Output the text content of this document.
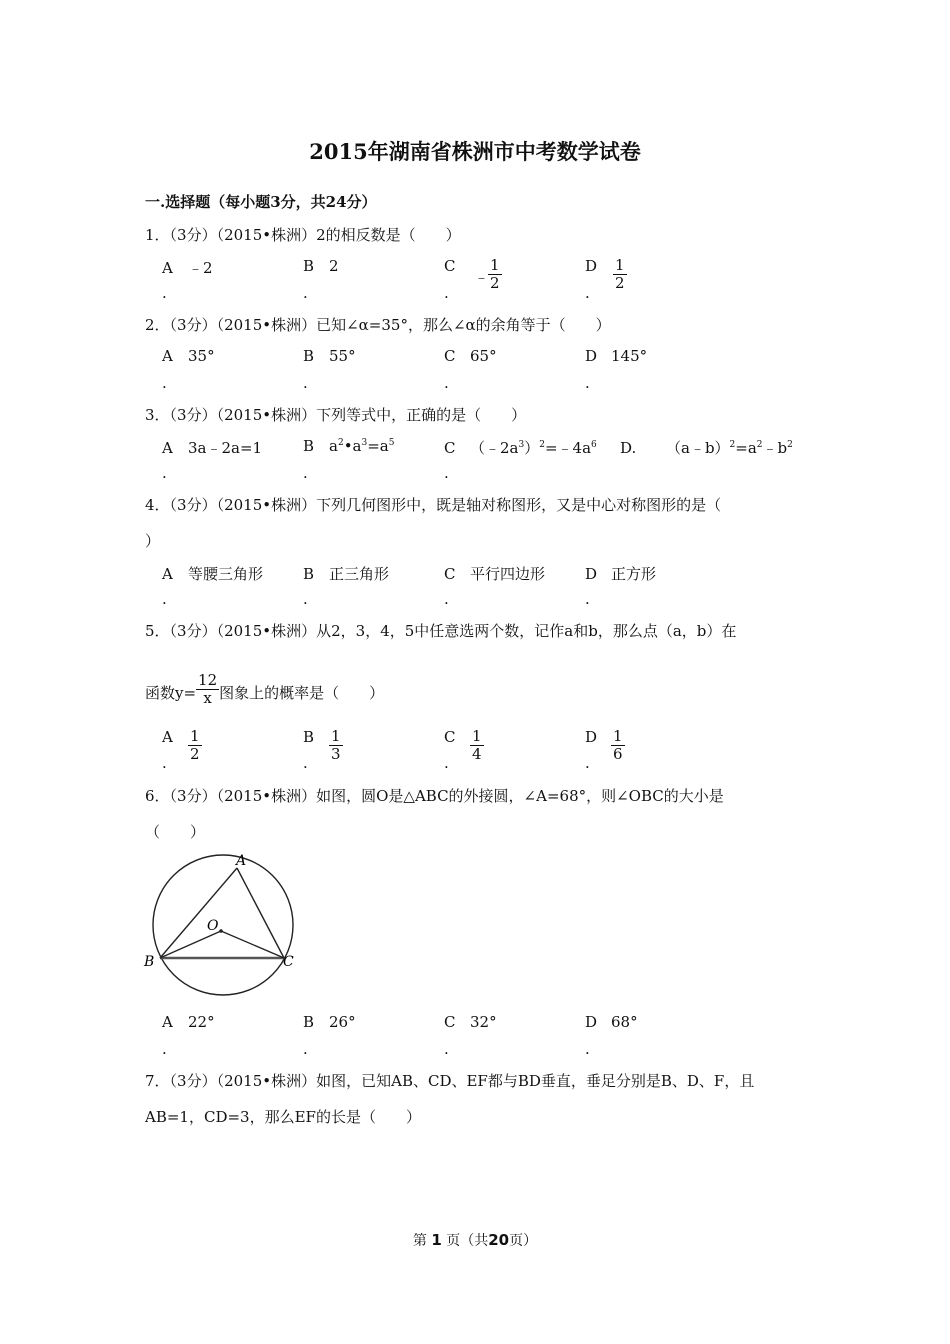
2015年湖南省株洲市中考数学试卷
一.选择题（每小题3分，共24分）
1．（3分）（2015•株洲）2的相反数是（　　）
A ﹣2	B 2	C
﹣
$\frac{1}{2}$	D $\frac{1}{2}$
.	.	.	.
2．（3分）（2015•株洲）已知∠α=35°，那么∠α的余角等于（　　）
A 35°	B 55°	C 65°	D 145°
.	.	.	.
3．（3分）（2015•株洲）下列等式中，正确的是（　　）
A 3a﹣2a=1	B $a^2•a^3=a^5$	C $(﹣2a^3)^2=﹣4a^6$ D. $(a﹣b)^2=a^2﹣b^2$
.	.	.
4．（3分）（2015•株洲）下列几何图形中，既是轴对称图形，又是中心对称图形的是（
）
A 等腰三角形	B 正三角形	C 平行四边形	D 正方形
.	.	.	.
5．（3分）（2015•株洲）从2，3，4，5中任意选两个数，记作a和b，那么点（a，b）在
函数$y= \frac{12}{x}$ 图象上的概率是（　　）
A $\frac{1}{2}$	B $\frac{1}{3}$	C $\frac{1}{4}$	D $\frac{1}{6}$
.	.	.	.
6．（3分）（2015•株洲）如图，圆O是△ABC的外接圆，∠A=68°，则∠OBC的大小是
（　　）
A
B	C
O
A 22°	B 26°	C 32°	D 68°
.	.	.	.
7．（3分）（2015•株洲）如图，已知AB、CD、EF都与BD垂直，垂足分别是B、D、F，且
AB=1，CD=3，那么EF的长是（　　）
第 1 页（共20页）
